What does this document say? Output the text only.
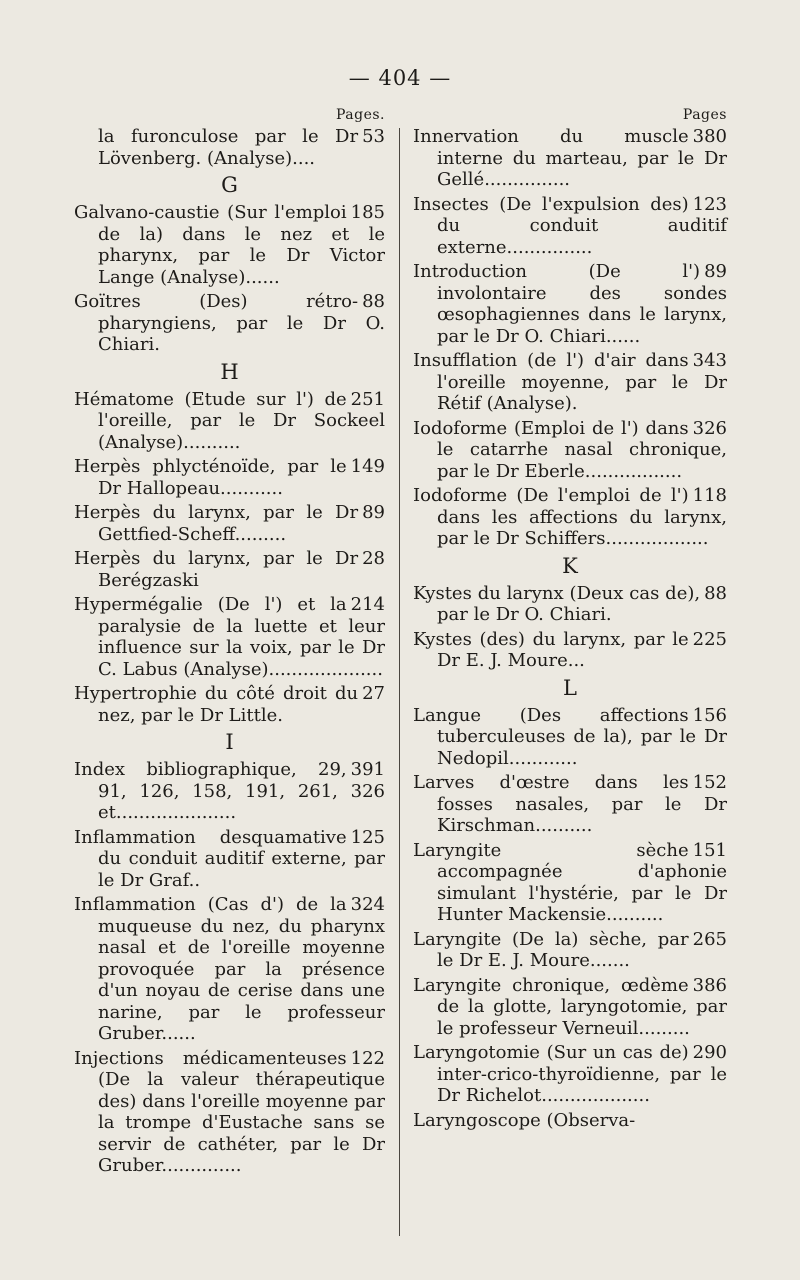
— 404 —
Pages.
53
la furonculose par le Dr Lövenberg. (Analyse)....
G
185
Galvano-caustie (Sur l'emploi de la) dans le nez et le pharynx, par le Dr Victor Lange (Analyse)......
88
Goïtres (Des) rétro-pharyngiens, par le Dr O. Chiari.
H
251
Hématome (Etude sur l') de l'oreille, par le Dr Sockeel (Analyse)..........
149
Herpès phlycténoïde, par le Dr Hallopeau...........
89
Herpès du larynx, par le Dr Gettfied-Scheff.........
28
Herpès du larynx, par le Dr Berégzaski
214
Hypermégalie (De l') et la paralysie de la luette et leur influence sur la voix, par le Dr C. Labus (Analyse)....................
27
Hypertrophie du côté droit du nez, par le Dr Little.
I
391
Index bibliographique, 29, 91, 126, 158, 191, 261, 326 et.....................
125
Inflammation desquamative du conduit auditif externe, par le Dr Graf..
324
Inflammation (Cas d') de la muqueuse du nez, du pharynx nasal et de l'oreille moyenne provoquée par la présence d'un noyau de cerise dans une narine, par le professeur Gruber......
122
Injections médicamenteuses (De la valeur thérapeutique des) dans l'oreille moyenne par la trompe d'Eustache sans se servir de cathéter, par le Dr Gruber..............
Pages
380
Innervation du muscle interne du marteau, par le Dr Gellé...............
123
Insectes (De l'expulsion des) du conduit auditif externe...............
89
Introduction (De l') involontaire des sondes œsophagiennes dans le larynx, par le Dr O. Chiari......
343
Insufflation (de l') d'air dans l'oreille moyenne, par le Dr Rétif (Analyse).
326
Iodoforme (Emploi de l') dans le catarrhe nasal chronique, par le Dr Eberle.................
118
Iodoforme (De l'emploi de l') dans les affections du larynx, par le Dr Schiffers..................
K
88
Kystes du larynx (Deux cas de), par le Dr O. Chiari.
225
Kystes (des) du larynx, par le Dr E. J. Moure...
L
156
Langue (Des affections tuberculeuses de la), par le Dr Nedopil............
152
Larves d'œstre dans les fosses nasales, par le Dr Kirschman..........
151
Laryngite sèche accompagnée d'aphonie simulant l'hystérie, par le Dr Hunter Mackensie..........
265
Laryngite (De la) sèche, par le Dr E. J. Moure.......
386
Laryngite chronique, œdème de la glotte, laryngotomie, par le professeur Verneuil.........
290
Laryngotomie (Sur un cas de) inter-crico-thyroïdienne, par le Dr Richelot...................
Laryngoscope (Observa-
